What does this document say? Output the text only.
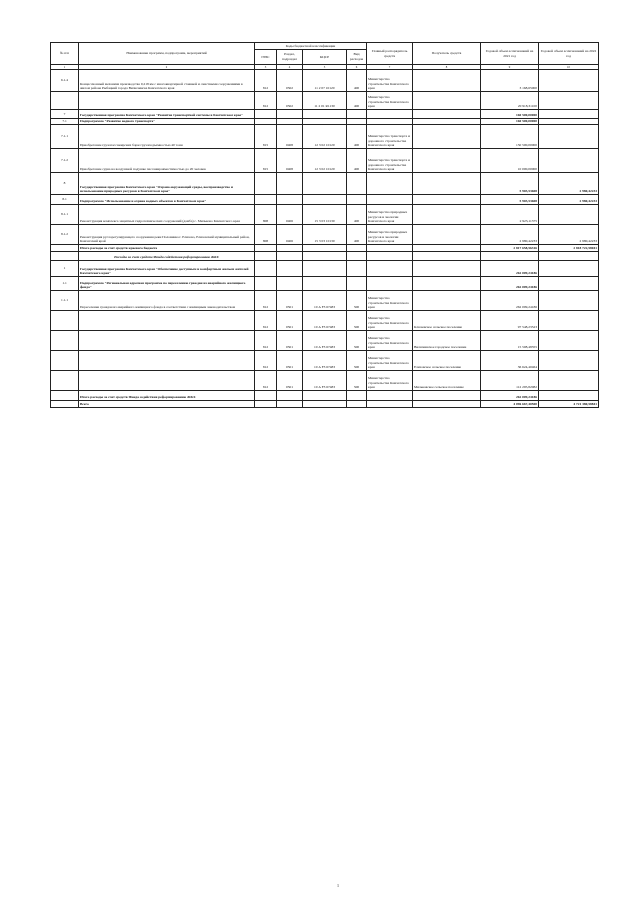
№ п/п	Наименование программ, подпрограмм, мероприятий	Коды бюджетной классификации				Главный распорядитель средств	Получатель средств	Годовой объем ассигнований на 2021 год	Годовой объем ассигнований на 2022 год
		ГРБС	Раздел, подраздел	КЦСР	Вид расходов				
1	2	3	4	5	6	7	8	9	10
6.1.4	Концессионный механизм производства 0,218 км с многоквартирной стоянкой и очистными сооружениями в жилом районе Рыбацкий города Вилючинска Камчатского края	812	0502	11 2 07 10120	400	Министерство строительства Камчатского края		3 168,65000	
		812	0502	11 2 01 R1130	400	Министерство строительства Камчатского края		20 918,31100	
7	Государственная программа Камчатского края "Развитие транспортной системы в Камчатском крае"							160 500,00000	
7.1	Подпрограмма "Развитие водного транспорта"							160 500,00000	
7.1.1	Приобретение грузопассажирских барж грузоподъемностью 40 тонн	815	0408	12 3 02 10120	400	Министерство транспорта и дорожного строительства Камчатского края		150 500,00000	
7.1.2	Приобретение судна на воздушной подушке пассажировместимостью до 20 человек	815	0408	12 3 02 10120	400	Министерство транспорта и дорожного строительства Камчатского края		10 000,00000	
8	Государственная программа Камчатского края "Охрана окружающей среды, воспроизводство и использование природных ресурсов в Камчатском крае"							5 903,53608	2 980,42233
8.1	Подпрограмма "Использование и охрана водных объектов в Камчатском крае"							5 903,53608	2 980,42233
8.1.1	Реконструкция комплекса защитных гидротехнических сооружений (дамба) с. Мильково Камчатского края	808	0406	15 3 03 10130	400	Министерство природных ресурсов и экологии Камчатского края		2 923,11375	
8.1.2	Реконструкция руслорегулирующего сооружения реки Половинка г. Елизово, Елизовский муниципальный район, Камчатский край	808	0406	15 3 03 10130	400	Министерство природных ресурсов и экологии Камчатского края		2 980,42233	2 980,42233
	Итого расходы за счет средств краевого бюджета							2 817 658,56316	2 818 722,58041
	Расходы за счет средств Фонда содействия реформированию ЖКХ								
1	Государственная программа Камчатского края "Обеспечение доступным и комфортным жильем жителей Камчатского края"							262 009,24186	
1.1	Подпрограмма "Региональная адресная программа по переселению граждан из аварийного жилищного фонда"							262 009,24186	
1.1.1	Переселение граждан из аварийного жилищного фонда в соответствии с жилищным законодательством	812	0501	10 А F3 67483	500	Министерство строительства Камчатского края		262 009,24186	
		812	0501	10 А F3 67483	500	Министерство строительства Камчатского края	Ключевское сельское поселение	97 548,23523	
		812	0501	10 А F3 67483	500	Министерство строительства Камчатского края	Вилючинское городское поселение	15 508,48355	
		812	0501	10 А F3 67483	500	Министерство строительства Камчатского края	Елизовское сельское поселение	36 624,40464	
		812	0501	10 А F3 67483	500	Министерство строительства Камчатского края	Мильковское сельское поселение	112 295,82082	
	Итого расходы за счет средств Фонда содействия реформированию ЖКХ							262 009,24186	
	Всего							4 096 667,40500	4 721 380,58841
1
